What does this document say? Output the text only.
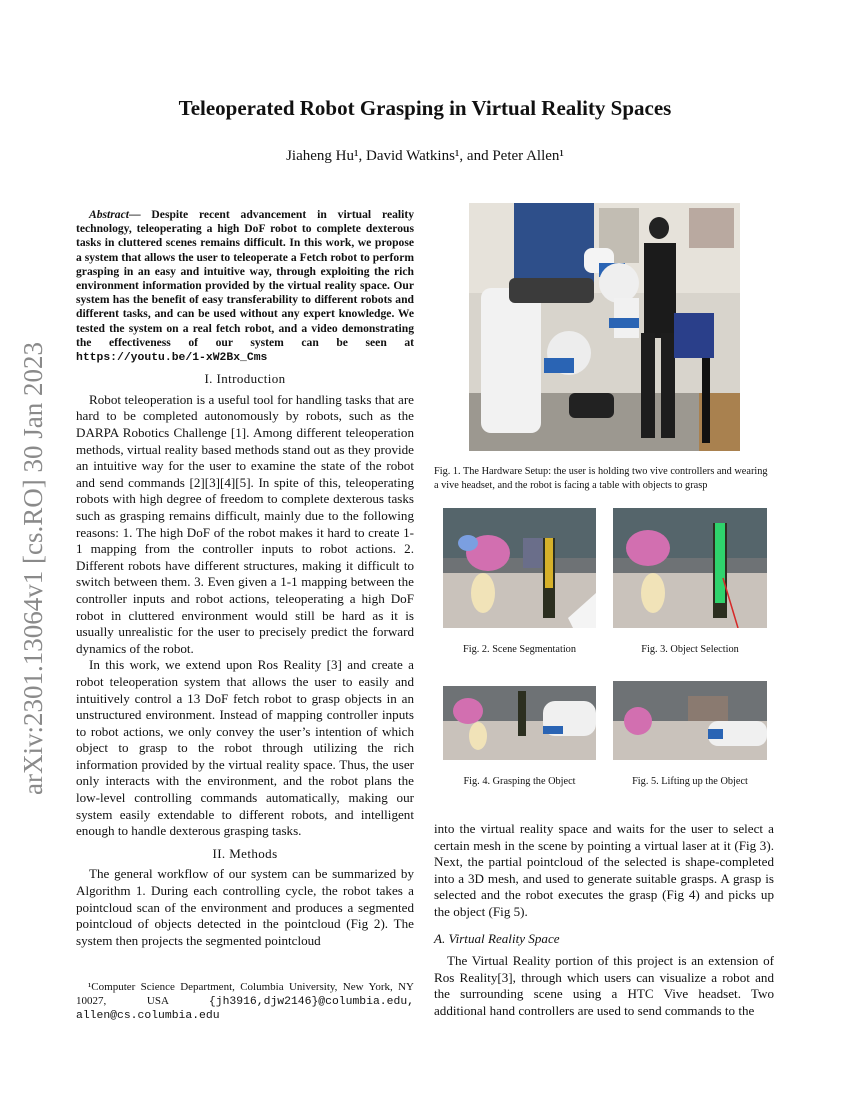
arXiv:2301.13064v1 [cs.RO] 30 Jan 2023
Teleoperated Robot Grasping in Virtual Reality Spaces
Jiaheng Hu¹, David Watkins¹, and Peter Allen¹

Abstract— Despite recent advancement in virtual reality technology, teleoperating a high DoF robot to complete dexterous tasks in cluttered scenes remains difficult. In this work, we propose a system that allows the user to teleoperate a Fetch robot to perform grasping in an easy and intuitive way, through exploiting the rich environment information provided by the virtual reality space. Our system has the benefit of easy transferability to different robots and different tasks, and can be used without any expert knowledge. We tested the system on a real fetch robot, and a video demonstrating the effectiveness of our system can be seen at https://youtu.be/1-xW2Bx_Cms

I. Introduction

Robot teleoperation is a useful tool for handling tasks that are hard to be completed autonomously by robots, such as the DARPA Robotics Challenge [1]. Among different teleoperation methods, virtual reality based methods stand out as they provide an intuitive way for the user to examine the state of the robot and send commands [2][3][4][5]. In spite of this, teleoperating robots with high degree of freedom to complete dexterous tasks such as grasping remains difficult, mainly due to the following reasons: 1. The high DoF of the robot makes it hard to create 1-1 mapping from the controller inputs to robot actions. 2. Different robots have different structures, making it difficult to switch between them. 3. Even given a 1-1 mapping between the controller inputs and robot actions, teleoperating a high DoF robot in cluttered environment would still be hard as it is usually unrealistic for the user to precisely predict the forward dynamics of the robot.

In this work, we extend upon Ros Reality [3] and create a robot teleoperation system that allows the user to easily and intuitively control a 13 DoF fetch robot to grasp objects in an unstructured environment. Instead of mapping controller inputs to robot actions, we only convey the user’s intention of which object to grasp to the robot through utilizing the rich information provided by the virtual reality space. Thus, the user only interacts with the environment, and the robot plans the low-level controlling commands automatically, making our system easily extendable to different robots, and intelligent enough to handle dexterous grasping tasks.

II. Methods

The general workflow of our system can be summarized by Algorithm 1. During each controlling cycle, the robot takes a pointcloud scan of the environment and produces a segmented pointcloud of objects detected in the pointcloud (Fig 2). The system then projects the segmented pointcloud

¹Computer Science Department, Columbia University, New York, NY 10027, USA {jh3916,djw2146}@columbia.edu, allen@cs.columbia.edu
Fig. 1. The Hardware Setup: the user is holding two vive controllers and wearing a vive headset, and the robot is facing a table with objects to grasp
Fig. 2. Scene Segmentation	Fig. 3. Object Selection
Fig. 4. Grasping the Object	Fig. 5. Lifting up the Object

into the virtual reality space and waits for the user to select a certain mesh in the scene by pointing a virtual laser at it (Fig 3). Next, the partial pointcloud of the selected is shape-completed into a 3D mesh, and used to generate suitable grasps. A grasp is selected and the robot executes the grasp (Fig 4) and picks up the object (Fig 5).

A. Virtual Reality Space

The Virtual Reality portion of this project is an extension of Ros Reality[3], through which users can visualize a robot and the surrounding scene using a HTC Vive headset. Two additional hand controllers are used to send commands to the
